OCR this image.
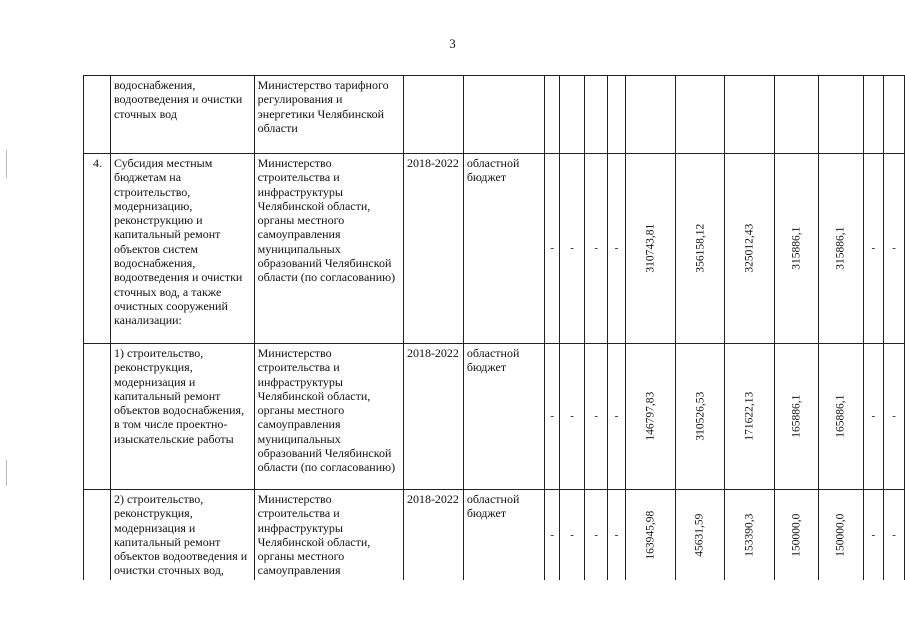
3
	водоснабжения, водоотведения и очистки сточных вод	Министерство тарифного регулирования и энергетики Челябинской области							

4.	Субсидия местным бюджетам на строительство, модернизацию, реконструкцию и капитальный ремонт объектов систем водоснабжения, водоотведения и очистки сточных вод, а также очистных сооружений канализации:	Министерство строительства и инфраструктуры Челябинской области, органы местного самоуправления муниципальных образований Челябинской области (по согласованию)	2018-2022	областной бюджет	-	-	-	-	310743,81	356158,12	325012,43	315886,1	315886,1	-	-
	1) строительство, реконструкция, модернизация и капитальный ремонт объектов водоснабжения, в том числе проектно-изыскательские работы	Министерство строительства и инфраструктуры Челябинской области, органы местного самоуправления муниципальных образований Челябинской области (по согласованию)	2018-2022	областной бюджет	-	-	-	-	146797,83	310526,53	171622,13	165886,1	165886,1	-	-
	2) строительство, реконструкция, модернизация и капитальный ремонт объектов водоотведения и очистки сточных вод,	Министерство строительства и инфраструктуры Челябинской области, органы местного самоуправления	2018-2022	областной бюджет	-	-	-	-	163945,98	45631,59	153390,3	150000,0	150000,0	-	-
